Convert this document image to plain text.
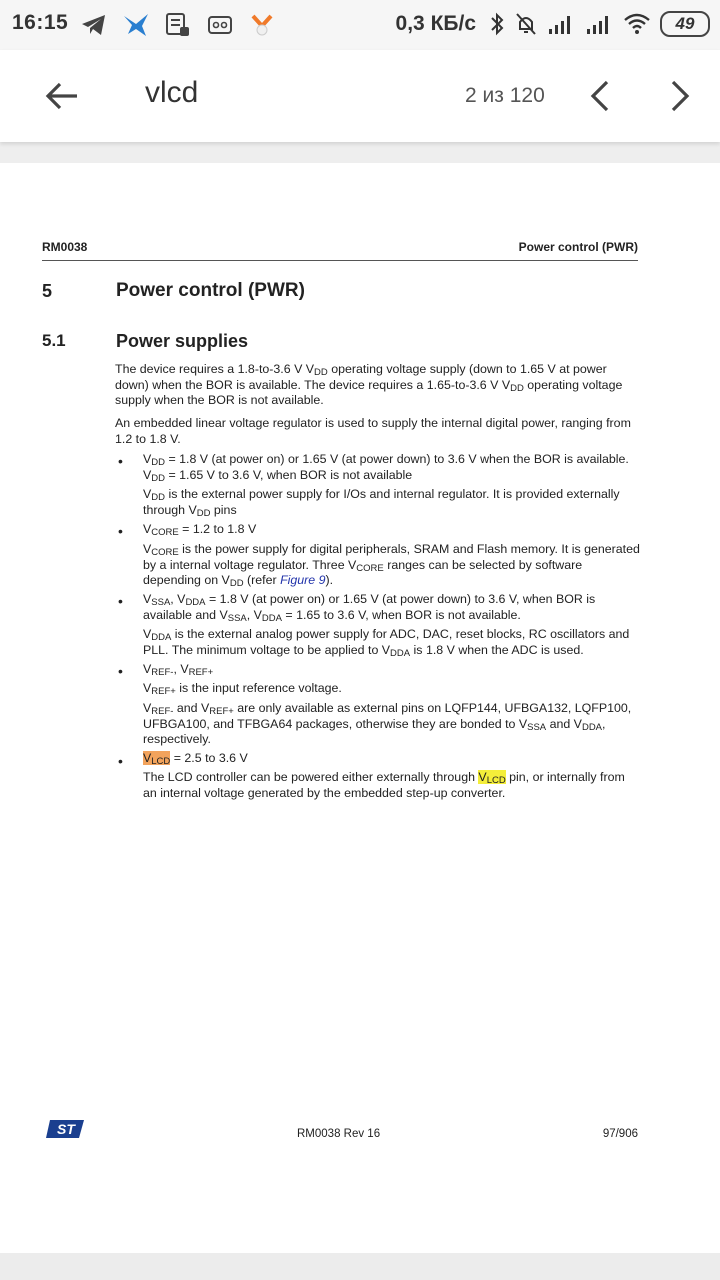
16:15	0,3 КБ/с	49
vlcd	2 из 120
RM0038	Power control (PWR)
5	Power control (PWR)
5.1	Power supplies
The device requires a 1.8-to-3.6 V $V_{DD}$ operating voltage supply (down to 1.65 V at power down) when the BOR is available. The device requires a 1.65-to-3.6 V $V_{DD}$ operating voltage supply when the BOR is not available.
An embedded linear voltage regulator is used to supply the internal digital power, ranging from 1.2 to 1.8 V.
• $V_{DD} = 1.8$ V (at power on) or 1.65 V (at power down) to 3.6 V when the BOR is available. $V_{DD} = 1.65$ V to 3.6 V, when BOR is not available
$V_{DD}$ is the external power supply for I/Os and internal regulator. It is provided externally through $V_{DD}$ pins
• $V_{CORE} = 1.2$ to 1.8 V
$V_{CORE}$ is the power supply for digital peripherals, SRAM and Flash memory. It is generated by a internal voltage regulator. Three $V_{CORE}$ ranges can be selected by software depending on $V_{DD}$ (refer Figure 9).
• $V_{SSA}$, $V_{DDA} = 1.8$ V (at power on) or 1.65 V (at power down) to 3.6 V, when BOR is available and $V_{SSA}$, $V_{DDA} = 1.65$ to 3.6 V, when BOR is not available.
$V_{DDA}$ is the external analog power supply for ADC, DAC, reset blocks, RC oscillators and PLL. The minimum voltage to be applied to $V_{DDA}$ is 1.8 V when the ADC is used.
• $V_{REF-}$, $V_{REF+}$
$V_{REF+}$ is the input reference voltage.
$V_{REF-}$ and $V_{REF+}$ are only available as external pins on LQFP144, UFBGA132, LQFP100, UFBGA100, and TFBGA64 packages, otherwise they are bonded to $V_{SSA}$ and $V_{DDA}$, respectively.
• $V_{LCD} = 2.5$ to 3.6 V
The LCD controller can be powered either externally through $V_{LCD}$ pin, or internally from an internal voltage generated by the embedded step-up converter.
ST	RM0038 Rev 16	97/906
